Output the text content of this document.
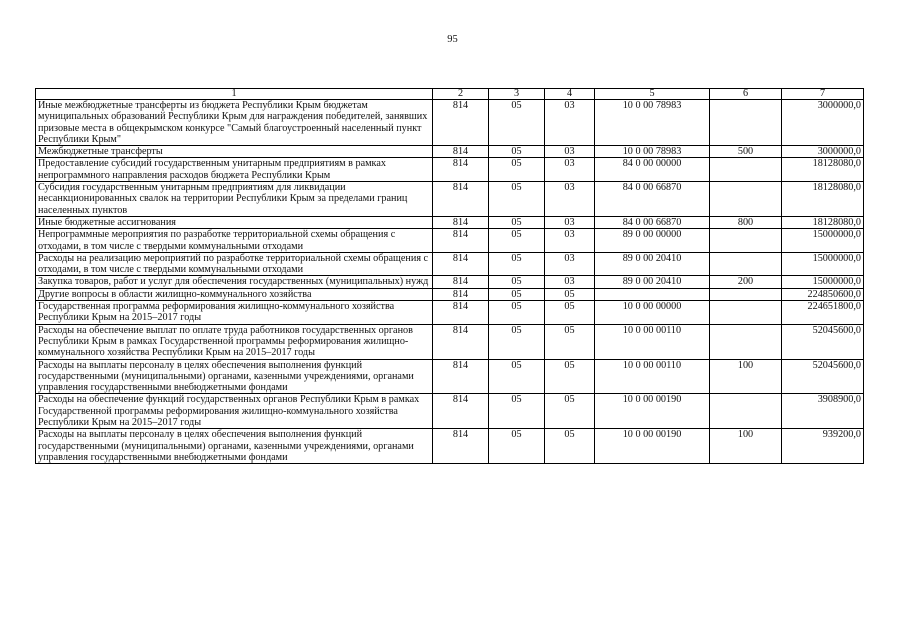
95
1	2	3	4	5	6	7
Иные межбюджетные трансферты из бюджета Республики Крым бюджетам муниципальных образований Республики Крым для награждения победителей, занявших призовые места в общекрымском конкурсе "Самый благоустроенный населенный пункт Республики Крым"	814	05	03	10 0 00 78983		3000000,0
Межбюджетные трансферты	814	05	03	10 0 00 78983	500	3000000,0
Предоставление субсидий государственным унитарным предприятиям в рамках непрограммного направления расходов бюджета Республики Крым	814	05	03	84 0 00 00000		18128080,0
Субсидия государственным унитарным предприятиям для ликвидации несанкционированных свалок на территории Республики Крым за пределами границ населенных пунктов	814	05	03	84 0 00 66870		18128080,0
Иные бюджетные ассигнования	814	05	03	84 0 00 66870	800	18128080,0
Непрограммные мероприятия по разработке территориальной схемы обращения с отходами, в том числе с твердыми коммунальными отходами	814	05	03	89 0 00 00000		15000000,0
Расходы на реализацию мероприятий по разработке территориальной схемы обращения с отходами, в том числе с твердыми коммунальными отходами	814	05	03	89 0 00 20410		15000000,0
Закупка товаров, работ и услуг для обеспечения государственных (муниципальных) нужд	814	05	03	89 0 00 20410	200	15000000,0
Другие вопросы в области жилищно-коммунального хозяйства	814	05	05			224850600,0
Государственная программа реформирования жилищно-коммунального хозяйства Республики Крым на 2015–2017 годы	814	05	05	10 0 00 00000		224651800,0
Расходы на обеспечение выплат по оплате труда работников государственных органов Республики Крым в рамках Государственной программы реформирования жилищно-коммунального хозяйства Республики Крым на 2015–2017 годы	814	05	05	10 0 00 00110		52045600,0
Расходы на выплаты персоналу в целях обеспечения выполнения функций государственными (муниципальными) органами, казенными учреждениями, органами управления государственными внебюджетными фондами	814	05	05	10 0 00 00110	100	52045600,0
Расходы на обеспечение функций государственных органов Республики Крым в рамках Государственной программы реформирования жилищно-коммунального хозяйства Республики Крым на 2015–2017 годы	814	05	05	10 0 00 00190		3908900,0
Расходы на выплаты персоналу в целях обеспечения выполнения функций государственными (муниципальными) органами, казенными учреждениями, органами управления государственными внебюджетными фондами	814	05	05	10 0 00 00190	100	939200,0
